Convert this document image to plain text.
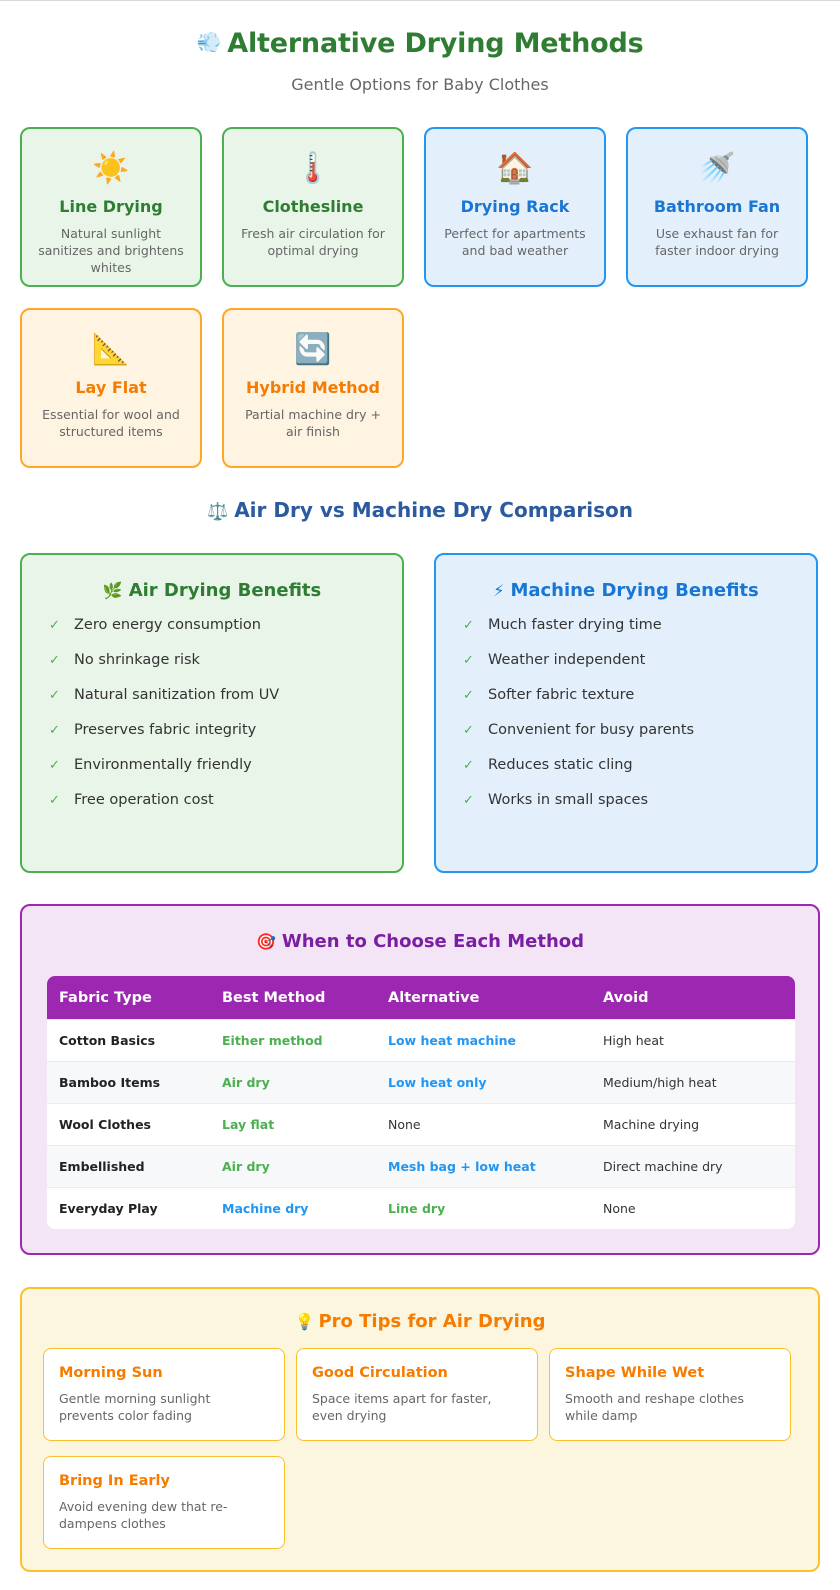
💨 Alternative Drying Methods
Gentle Options for Baby Clothes
☀️
Line Drying
Natural sunlight sanitizes and brightens whites
🌡️
Clothesline
Fresh air circulation for optimal drying
🏠
Drying Rack
Perfect for apartments and bad weather
🚿
Bathroom Fan
Use exhaust fan for faster indoor drying
📐
Lay Flat
Essential for wool and structured items
🔄
Hybrid Method
Partial machine dry + air finish
⚖️ Air Dry vs Machine Dry Comparison
🌿 Air Drying Benefits
✓ Zero energy consumption
✓ No shrinkage risk
✓ Natural sanitization from UV
✓ Preserves fabric integrity
✓ Environmentally friendly
✓ Free operation cost
⚡ Machine Drying Benefits
✓ Much faster drying time
✓ Weather independent
✓ Softer fabric texture
✓ Convenient for busy parents
✓ Reduces static cling
✓ Works in small spaces
🎯 When to Choose Each Method
Fabric Type	Best Method	Alternative	Avoid
Cotton Basics	Either method	Low heat machine	High heat
Bamboo Items	Air dry	Low heat only	Medium/high heat
Wool Clothes	Lay flat	None	Machine drying
Embellished	Air dry	Mesh bag + low heat	Direct machine dry
Everyday Play	Machine dry	Line dry	None
💡 Pro Tips for Air Drying
Morning Sun
Gentle morning sunlight prevents color fading
Good Circulation
Space items apart for faster, even drying
Shape While Wet
Smooth and reshape clothes while damp
Bring In Early
Avoid evening dew that re-dampens clothes
